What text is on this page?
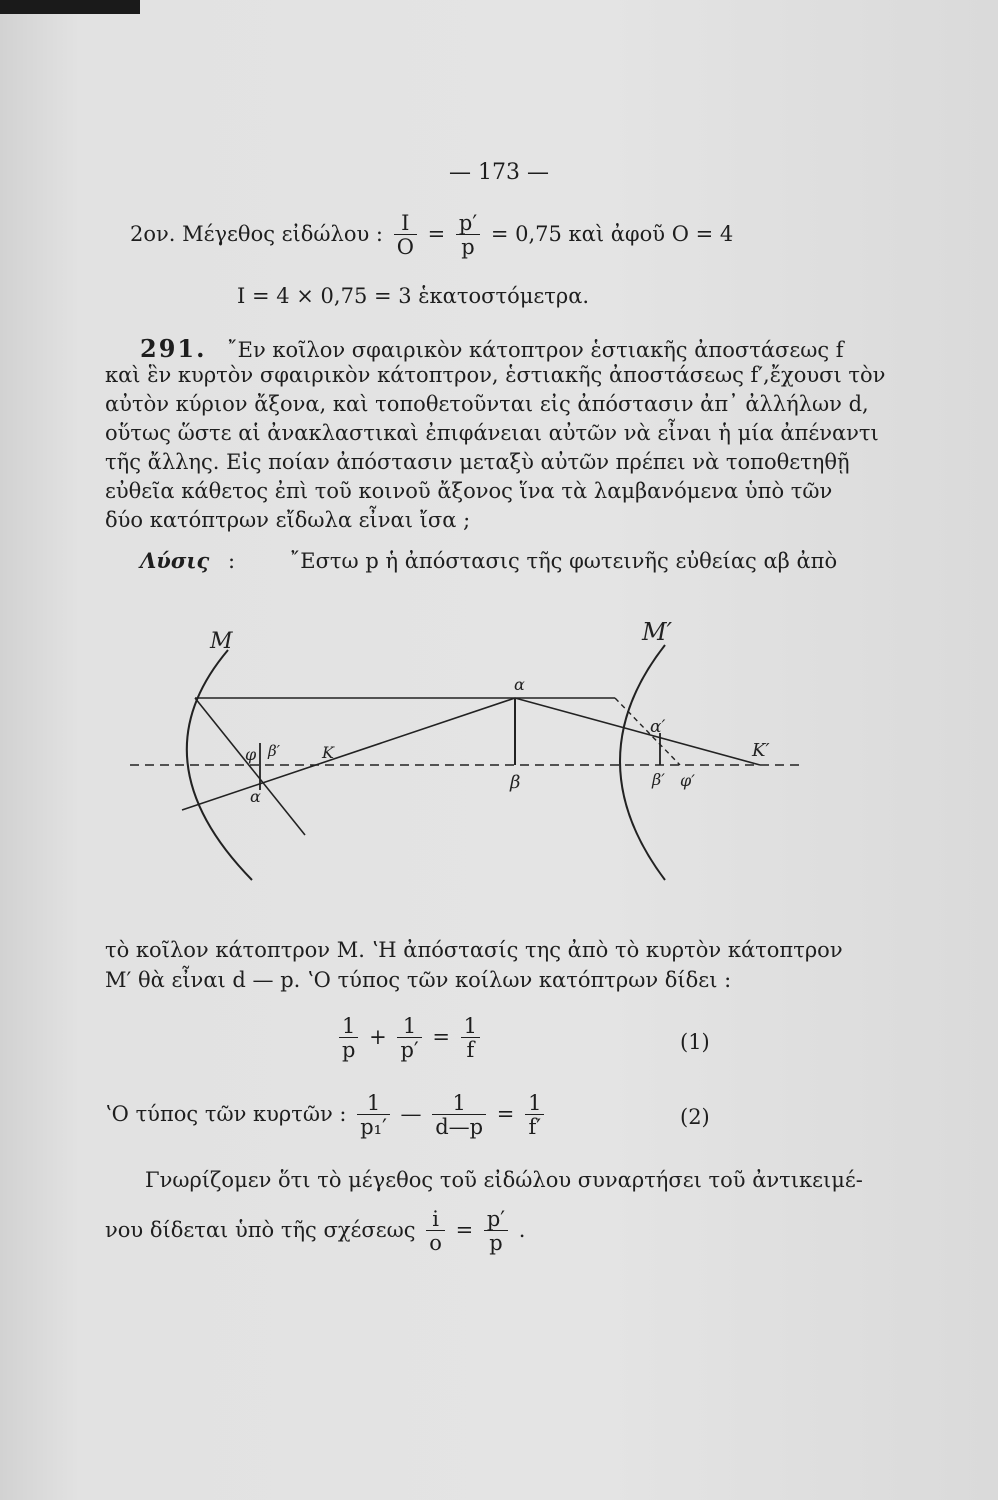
— 173 —
2ον. Μέγεθος εἰδώλου : $\frac{I}{O} = \frac{p'}{p} = 0,75$ καὶ ἀφοῦ O = 4
I = 4 × 0,75 = 3 ἑκατοστόμετρα.
291. ῎Εν κοῖλον σφαιρικὸν κάτοπτρον ἑστιακῆς ἀποστάσεως f
καὶ ἓν κυρτὸν σφαιρικὸν κάτοπτρον, ἑστιακῆς ἀποστάσεως f′,ἔχουσι τὸν
αὐτὸν κύριον ἄξονα, καὶ τοποθετοῦνται εἰς ἀπόστασιν ἀπ᾽ ἀλλήλων d,
οὕτως ὥστε αἱ ἀνακλαστικαὶ ἐπιφάνειαι αὐτῶν νὰ εἶναι ἡ μία ἀπέναντι
τῆς ἄλλης. Εἰς ποίαν ἀπόστασιν μεταξὺ αὐτῶν πρέπει νὰ τοποθετηθῇ
εὐθεῖα κάθετος ἐπὶ τοῦ κοινοῦ ἄξονος ἵνα τὰ λαμβανόμενα ὑπὸ τῶν
δύο κατόπτρων εἴδωλα εἶναι ἴσα ;
Λύσις :	῎Εστω p ἡ ἀπόστασις τῆς φωτεινῆς εὐθείας αβ ἀπὸ
M	M′
α
β
α′
β′ φ′
K′
K
φ β′
α
τὸ κοῖλον κάτοπτρον M. ʽH ἀπόστασίς της ἀπὸ τὸ κυρτὸν κάτοπτρον
M′ θὰ εἶναι d — p. ʽO τύπος τῶν κοίλων κατόπτρων δίδει :
$\frac{1}{p} + \frac{1}{p'} = \frac{1}{f}$	(1)
ʽO τύπος τῶν κυρτῶν : $\frac{1}{\text{p₁′}}$ — $\frac{1}{d—p} = \frac{1}{f'}$	(2)
Γνωρίζομεν ὅτι τὸ μέγεθος τοῦ εἰδώλου συναρτήσει τοῦ ἀντικειμέ-
νου δίδεται ὑπὸ τῆς σχέσεως $\frac{i}{o} = \frac{p'}{p}$ .
